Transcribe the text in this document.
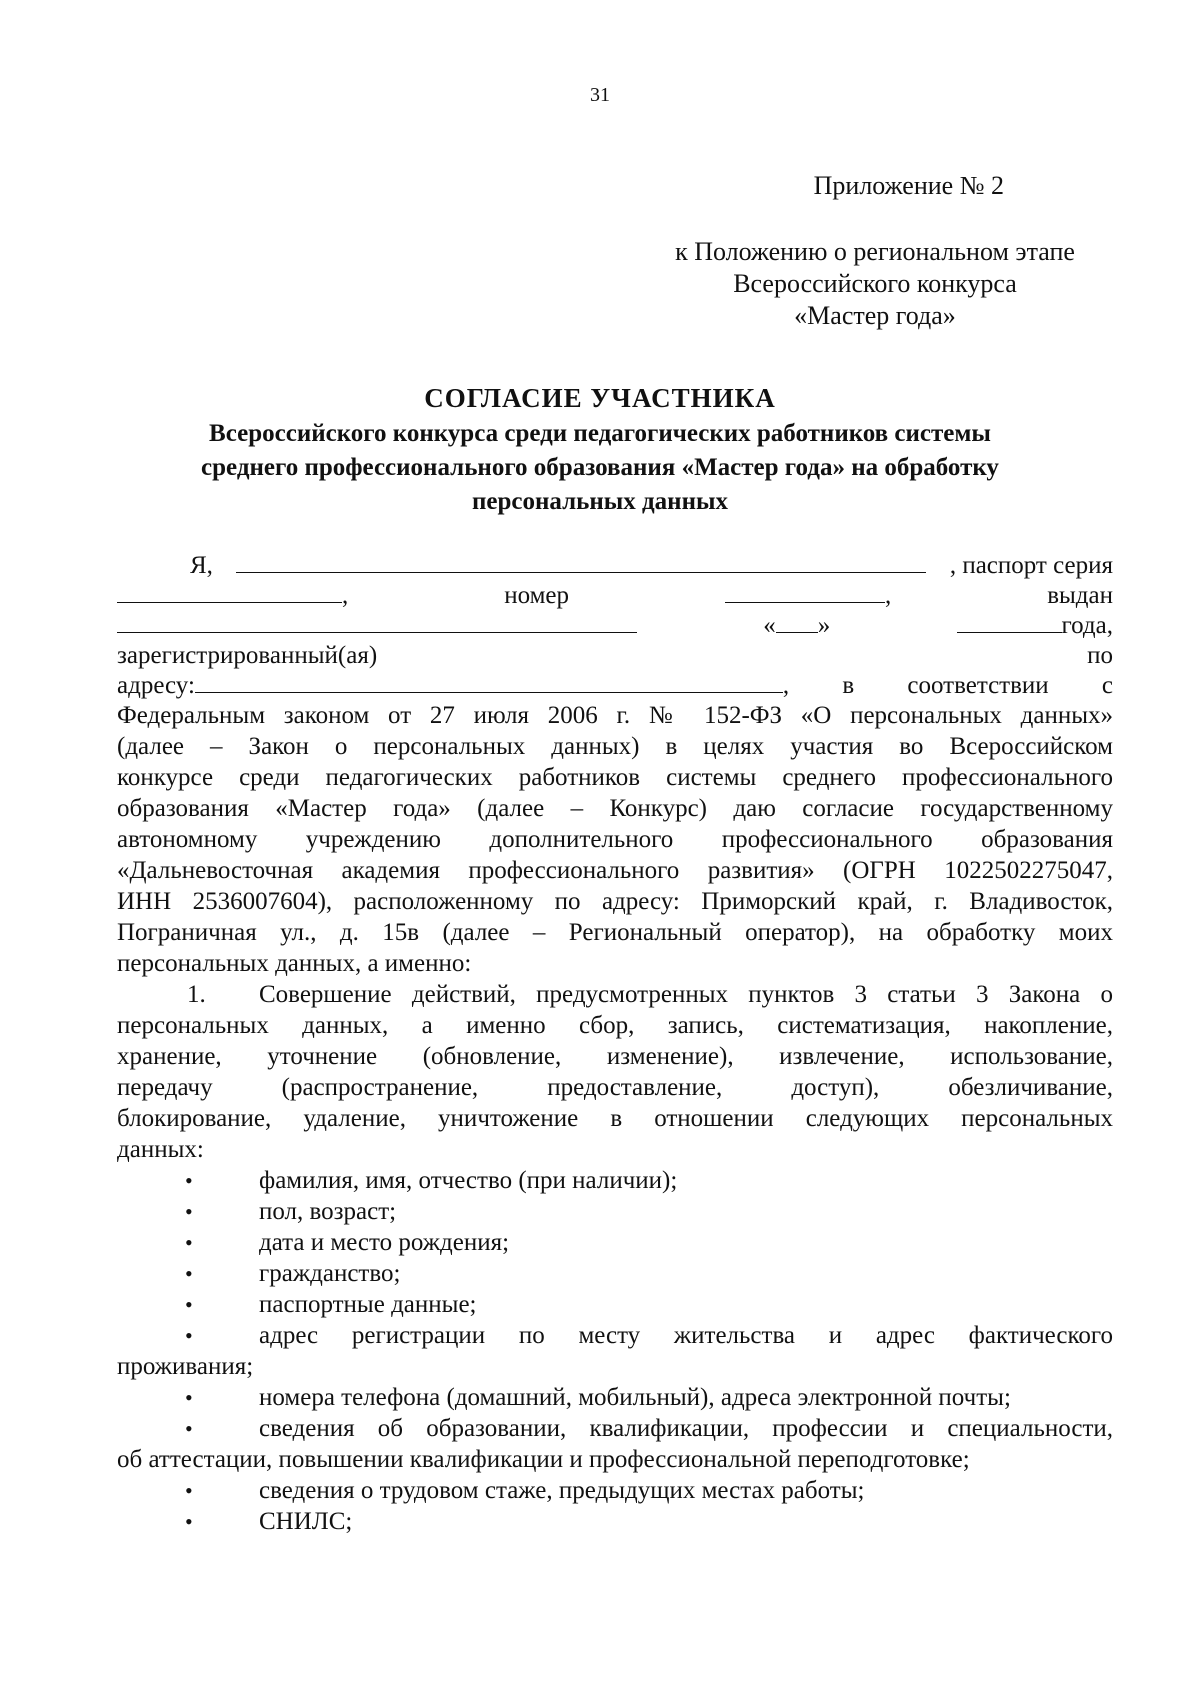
31
Приложение № 2
к Положению о региональном этапе
Всероссийского конкурса
«Мастер года»
СОГЛАСИЕ УЧАСТНИКА
Всероссийского конкурса среди педагогических работников системы
среднего профессионального образования «Мастер года» на обработку
персональных данных
Я,	, паспорт серия
,	номер	,	выдан
« »	года,
зарегистрированный(ая)	по
адресу:	, в соответствии с
Федеральным законом от 27 июля 2006 г. № 152-ФЗ «О персональных данных»
(далее – Закон о персональных данных) в целях участия во Всероссийском
конкурсе среди педагогических работников системы среднего профессионального
образования «Мастер года» (далее – Конкурс) даю согласие государственному
автономному учреждению дополнительного профессионального образования
«Дальневосточная академия профессионального развития» (ОГРН 1022502275047,
ИНН 2536007604), расположенному по адресу: Приморский край, г. Владивосток,
Пограничная ул., д. 15в (далее – Региональный оператор), на обработку моих
персональных данных, а именно:
1. Совершение действий, предусмотренных пунктов 3 статьи 3 Закона о
персональных данных, а именно сбор, запись, систематизация, накопление,
хранение, уточнение (обновление, изменение), извлечение, использование,
передачу (распространение, предоставление, доступ), обезличивание,
блокирование, удаление, уничтожение в отношении следующих персональных
данных:
•	фамилия, имя, отчество (при наличии);
•	пол, возраст;
•	дата и место рождения;
•	гражданство;
•	паспортные данные;
•	адрес регистрации по месту жительства и адрес фактического
проживания;
•	номера телефона (домашний, мобильный), адреса электронной почты;
•	сведения об образовании, квалификации, профессии и специальности,
об аттестации, повышении квалификации и профессиональной переподготовке;
•	сведения о трудовом стаже, предыдущих местах работы;
•	СНИЛС;
